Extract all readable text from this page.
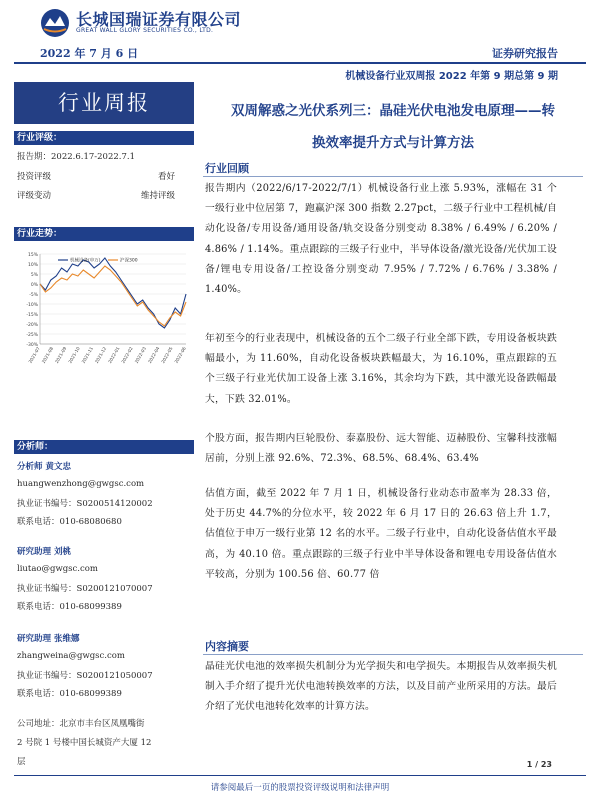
长城国瑞证券有限公司
GREAT WALL GLORY SECURITIES CO., LTD.
2022 年 7 月 6 日	证券研究报告
机械设备行业双周报 2022 年第 9 期总第 9 期
行业周报
行业评级：
报告期：2022.6.17-2022.7.1
投资评级	看好
评级变动	维持评级
行业走势：
15%
10%
5%
0%
-5%
-10%
-15%
-20%
-25%
-30%
2021-07 2021-08 2021-09 2021-10 2021-11 2021-12 2022-01 2022-02 2022-03 2022-04 2022-05 2022-06
机械设备(申万)	沪深300
分析师：
分析师 黄文忠
huangwenzhong@gwgsc.com
执业证书编号：S0200514120002
联系电话：010-68080680
研究助理 刘桃
liutao@gwgsc.com
执业证书编号：S0200121070007
联系电话：010-68099389
研究助理 张维娜
zhangweina@gwgsc.com
执业证书编号：S0200121050007
联系电话：010-68099389
公司地址：北京市丰台区凤凰嘴街
2 号院 1 号楼中国长城资产大厦 12
层
双周解惑之光伏系列三：晶硅光伏电池发电原理——转
换效率提升方式与计算方法
行业回顾
报告期内（2022/6/17-2022/7/1）机械设备行业上涨 5.93%，涨幅在 31 个一级行业中位居第 7，跑赢沪深 300 指数 2.27pct，二级子行业中工程机械/自动化设备/专用设备/通用设备/轨交设备分别变动 8.38% / 6.49% / 6.20% / 4.86% / 1.14%。重点跟踪的三级子行业中，半导体设备/激光设备/光伏加工设备/锂电专用设备/工控设备分别变动 7.95% / 7.72% / 6.76% / 3.38% / 1.40%。
年初至今的行业表现中，机械设备的五个二级子行业全部下跌，专用设备板块跌幅最小，为 11.60%，自动化设备板块跌幅最大，为 16.10%，重点跟踪的五个三级子行业光伏加工设备上涨 3.16%，其余均为下跌，其中激光设备跌幅最大，下跌 32.01%。
个股方面，报告期内巨轮股份、泰嘉股份、远大智能、迈赫股份、宝馨科技涨幅居前，分别上涨 92.6%、72.3%、68.5%、68.4%、63.4%
估值方面，截至 2022 年 7 月 1 日，机械设备行业动态市盈率为 28.33 倍，处于历史 44.7%的分位水平，较 2022 年 6 月 17 日的 26.63 倍上升 1.7，估值位于申万一级行业第 12 名的水平。二级子行业中，自动化设备估值水平最高，为 40.10 倍。重点跟踪的三级子行业中半导体设备和锂电专用设备估值水平较高，分别为 100.56 倍、60.77 倍
内容摘要
晶硅光伏电池的效率损失机制分为光学损失和电学损失。本期报告从效率损失机制入手介绍了提升光伏电池转换效率的方法，以及目前产业所采用的方法。最后介绍了光伏电池转化效率的计算方法。
1 / 23
请参阅最后一页的股票投资评级说明和法律声明
